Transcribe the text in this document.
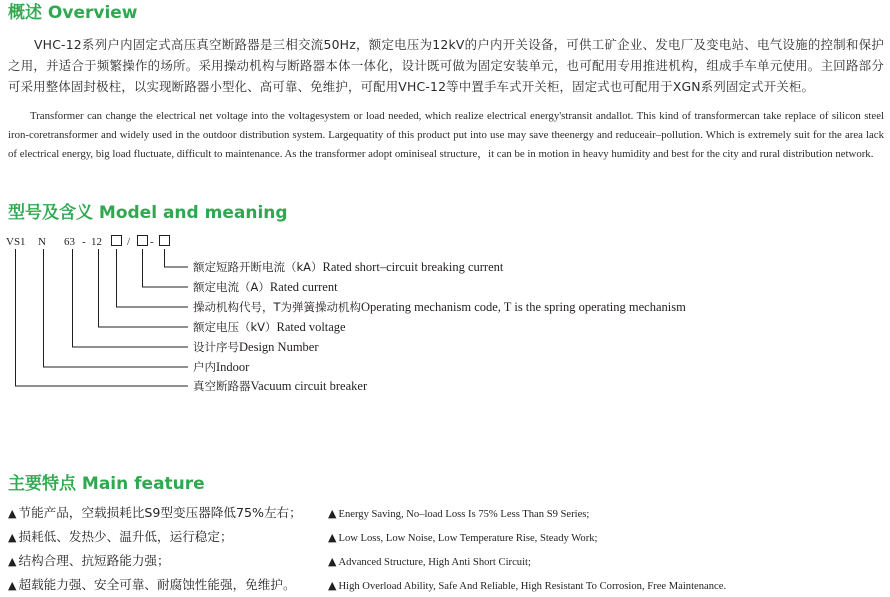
概述 Overview

VHC-12系列户内固定式高压真空断路器是三相交流50Hz，额定电压为12kV的户内开关设备，可供工矿企业、发电厂及变电站、电气设施的控制和保护之用，并适合于频繁操作的场所。采用操动机构与断路器本体一体化，设计既可做为固定安装单元，也可配用专用推进机构，组成手车单元使用。主回路部分可采用整体固封极柱，以实现断路器小型化、高可靠、免维护，可配用VHC-12等中置手车式开关柜，固定式也可配用于XGN系列固定式开关柜。

Transformer can change the electrical net voltage into the voltagesystem or load needed, which realize electrical energy'stransit andallot. This kind of transformercan take replace of silicon steel iron-coretransformer and widely used in the outdoor distribution system. Largequatity of this product put into use may save theenergy and reduceair–pollution. Which is extremely suit for the area lack of electrical energy, big load fluctuate, difficult to maintenance. As the transformer adopt ominiseal structure，it can be in motion in heavy humidity and best for the city and rural distribution network.

型号及含义 Model and meaning
VS1 N 63 - 12 / -
额定短路开断电流（kA）Rated short–circuit breaking current
额定电流（A）Rated current
操动机构代号，T为弹簧操动机构Operating mechanism code, T is the spring operating mechanism
额定电压（kV）Rated voltage
设计序号Design Number
户内Indoor
真空断路器Vacuum circuit breaker
主要特点 Main feature
▲ 节能产品，空载损耗比S9型变压器降低75%左右； ▲ Energy Saving, No–load Loss Is 75% Less Than S9 Series;
▲ 损耗低、发热少、温升低，运行稳定；	▲ Low Loss, Low Noise, Low Temperature Rise, Steady Work;
▲ 结构合理、抗短路能力强；	▲ Advanced Structure, High Anti Short Circuit;
▲ 超载能力强、安全可靠、耐腐蚀性能强，免维护。	▲ High Overload Ability, Safe And Reliable, High Resistant To Corrosion, Free Maintenance.
